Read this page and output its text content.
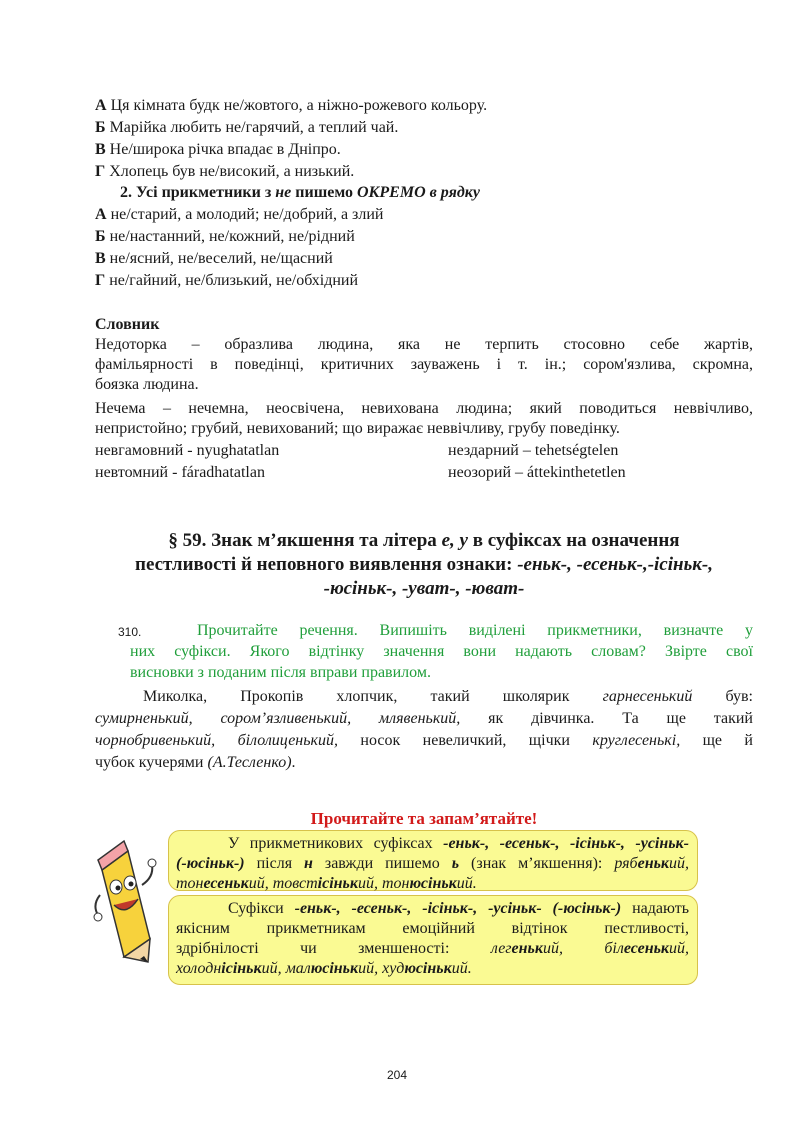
А Ця кімната будк не/жовтого, а ніжно-рожевого кольору.
Б Марійка любить не/гарячий, а теплий чай.
В Не/широка річка впадає в Дніпро.
Г Хлопець був не/високий, а низький.
2. Усі прикметники з не пишемо ОКРЕМО в рядку
А не/старий, а молодий; не/добрий, а злий
Б не/настанний, не/кожний, не/рідний
В не/ясний, не/веселий, не/щасний
Г не/гайний, не/близький, не/обхідний
Словник
Недоторка – образлива людина, яка не терпить стосовно себе жартів,
фамільярності в поведінці, критичних зауважень і т. ін.; сором'язлива, скромна,
боязка людина.
Нечема – нечемна, неосвічена, невихована людина; який поводиться неввічливо,
непристойно; грубий, невихований; що виражає неввічливу, грубу поведінку.
невгамовний - nyughatatlan	нездарний – tehetségtelen
невтомний - fáradhatatlan	неозорий – áttekinthetetlen
§ 59. Знак м’якшення та літера е, у в суфіксах на означення
пестливості й неповного виявлення ознаки: -еньк-, -есеньк-,-ісіньк-,
-юсіньк-, -уват-, -юват-
310.	Прочитайте речення. Випишіть виділені прикметники, визначте у
них суфікси. Якого відтінку значення вони надають словам? Звірте свої
висновки з поданим після вправи правилом.
Миколка, Прокопів хлопчик, такий школярик гарнесенький був:
сумирненький, сором’язливенький, млявенький, як дівчинка. Та ще такий
чорнобривенький, білолиценький, носок невеличкий, щічки круглесенькі, ще й
чубок кучерями (А.Тесленко).
Прочитайте та запам’ятайте!
У прикметникових суфіксах -еньк-, -есеньк-, -ісіньк-, -усіньк-
(-юсіньк-) після н завжди пишемо ь (знак м’якшення): рябенький,
тонесенький, товстісінький, тонюсінький.
Суфікси -еньк-, -есеньк-, -ісіньк-, -усіньк- (-юсіньк-) надають
якісним прикметникам емоційний відтінок пестливості,
здрібнілості чи зменшеності: легенький, білесенький,
холоднісінький, малюсінький, худюсінький.
204
